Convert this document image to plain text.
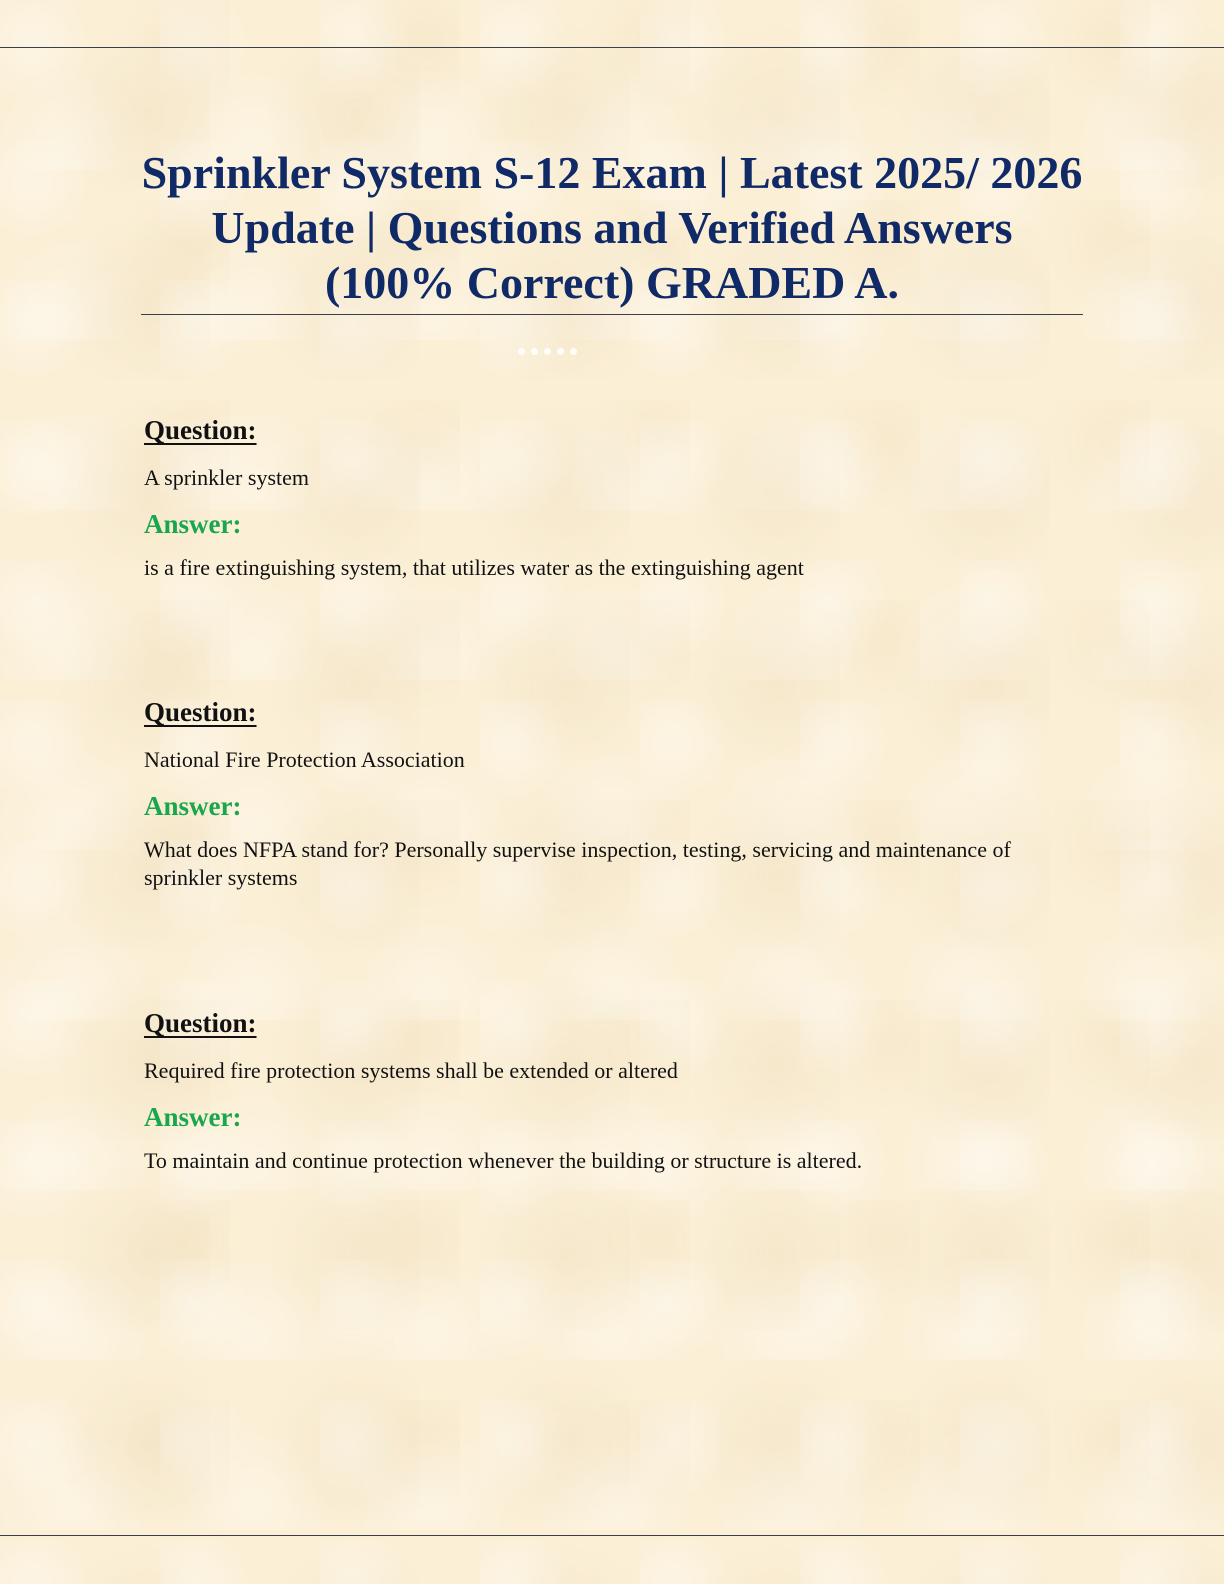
Sprinkler System S-12 Exam | Latest 2025/ 2026 Update | Questions and Verified Answers (100% Correct) GRADED A.
Question:
A sprinkler system
Answer:
is a fire extinguishing system, that utilizes water as the extinguishing agent
Question:
National Fire Protection Association
Answer:
What does NFPA stand for? Personally supervise inspection, testing, servicing and maintenance of sprinkler systems
Question:
Required fire protection systems shall be extended or altered
Answer:
To maintain and continue protection whenever the building or structure is altered.
